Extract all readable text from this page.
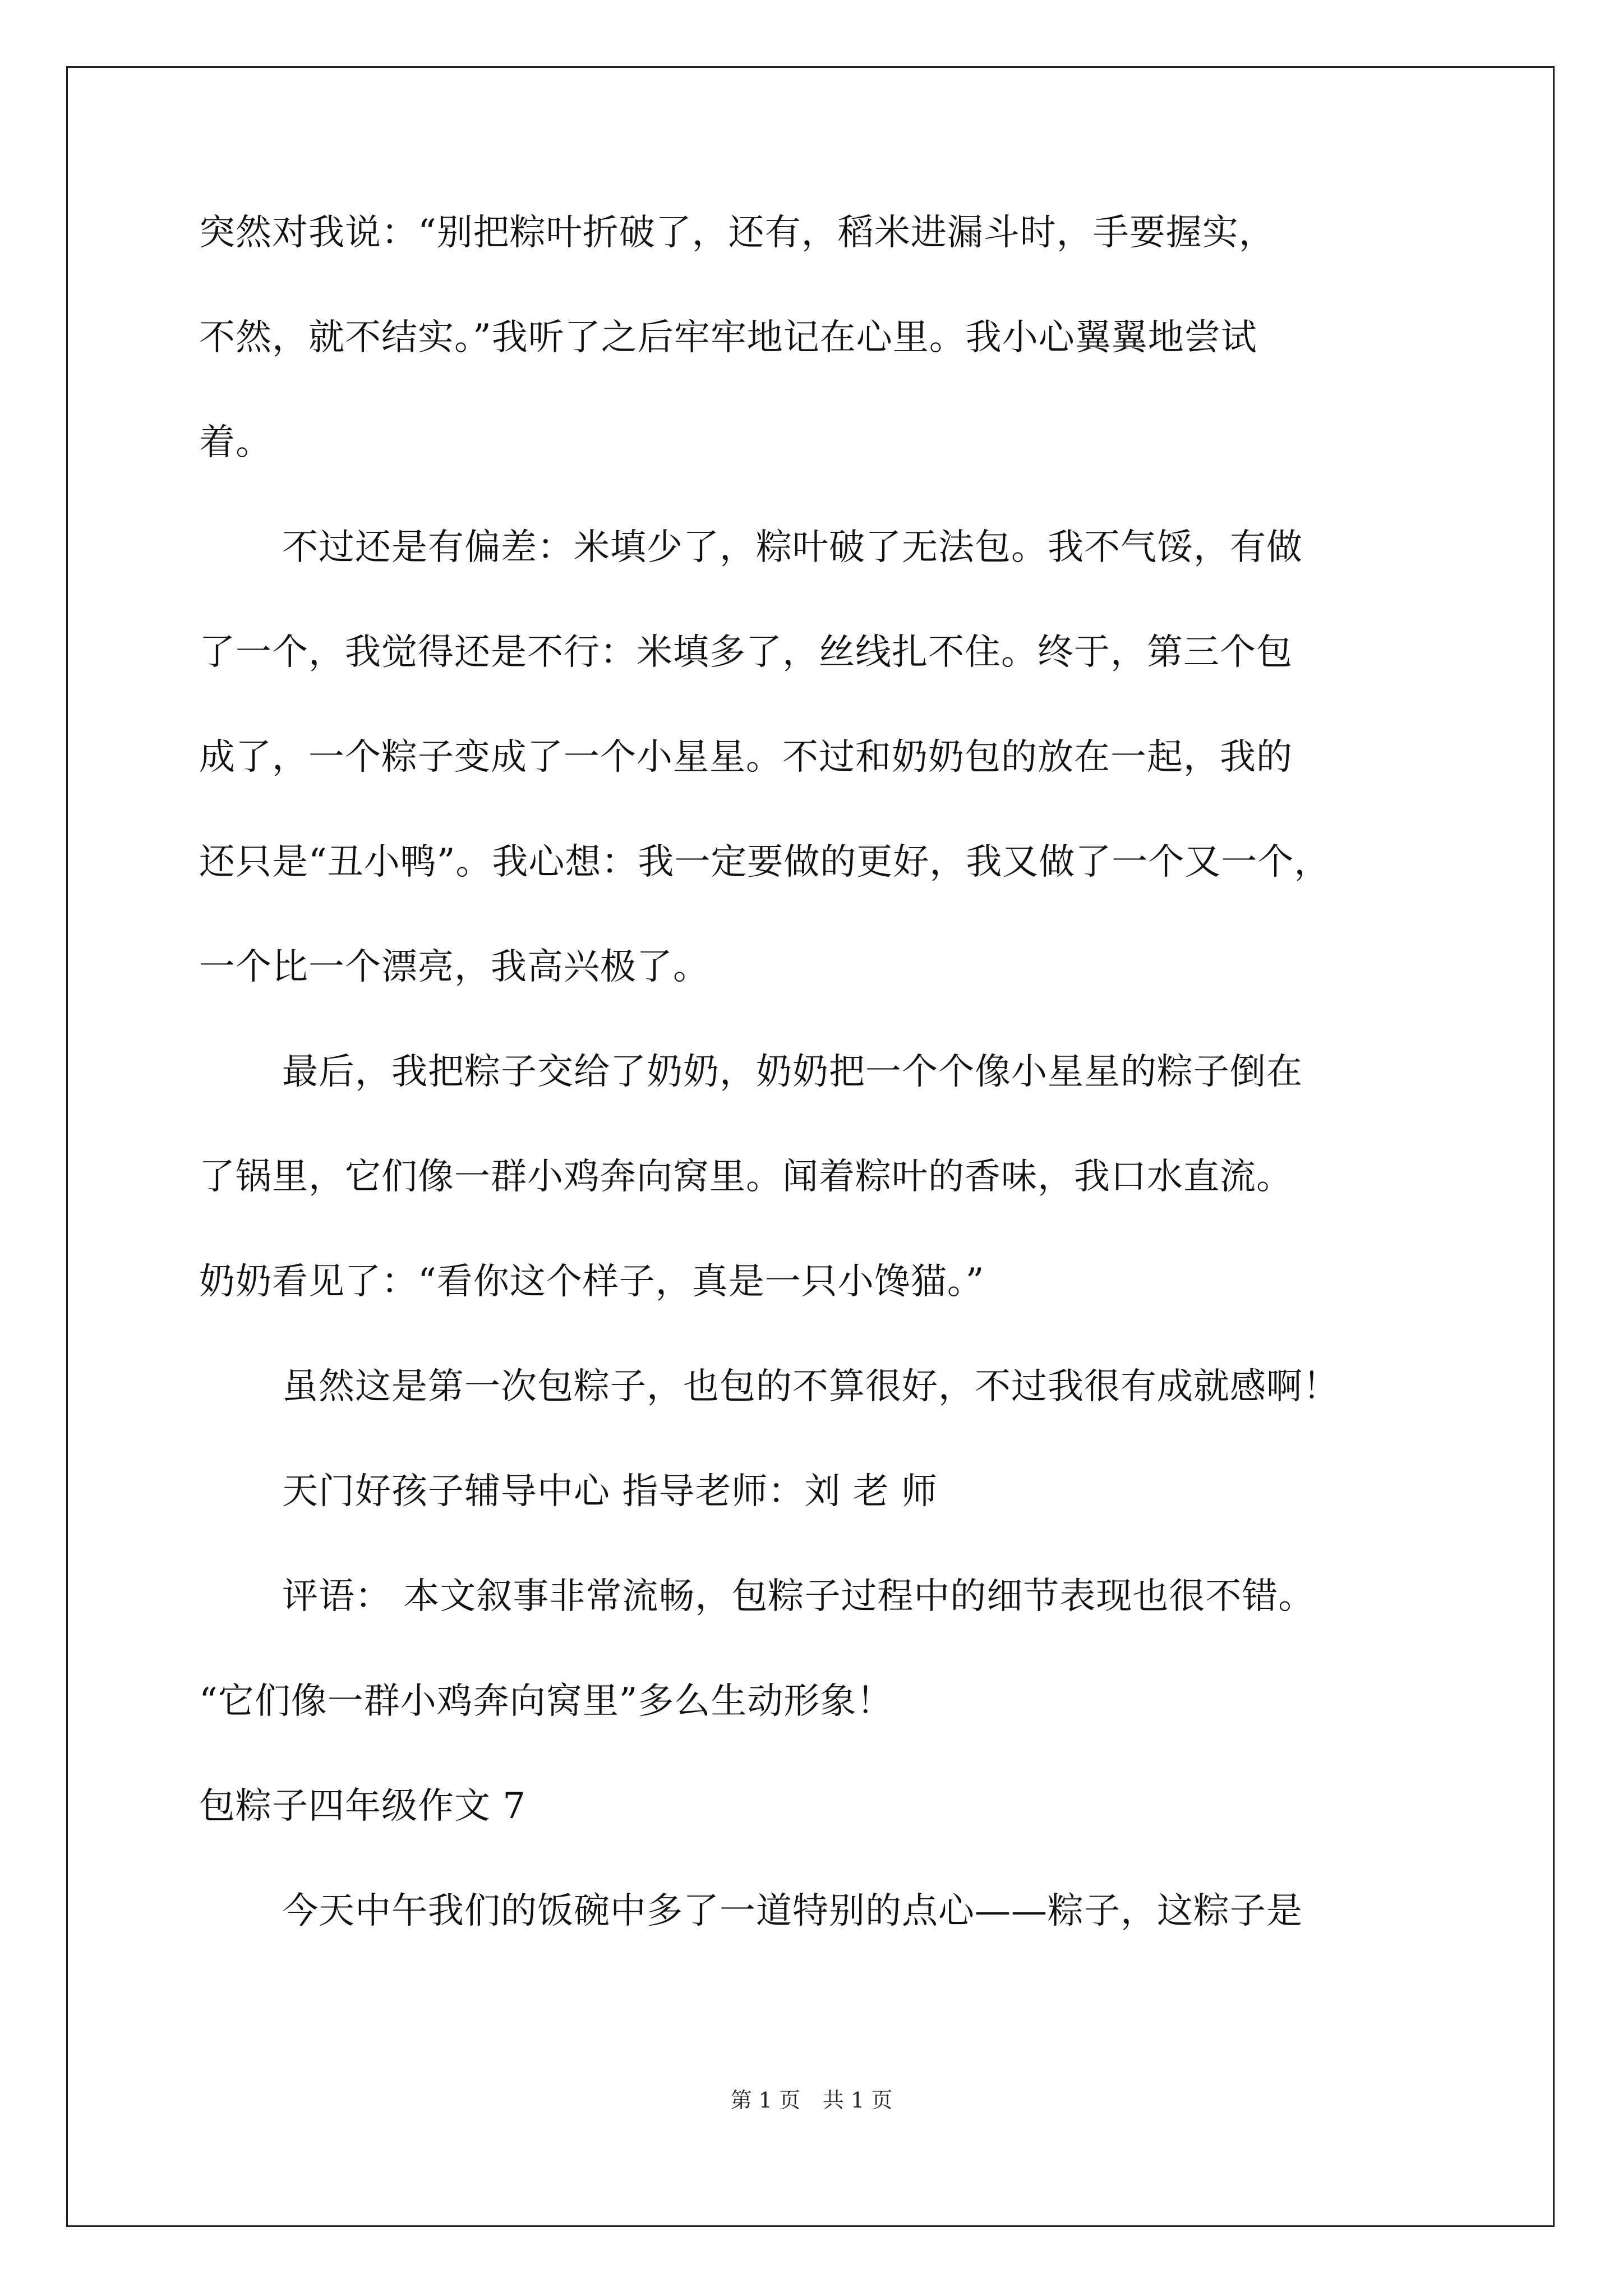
突然对我说：“别把粽叶折破了，还有，稻米进漏斗时，手要握实，
不然，就不结实。”我听了之后牢牢地记在心里。我小心翼翼地尝试
着。
不过还是有偏差：米填少了，粽叶破了无法包。我不气馁，有做
了一个，我觉得还是不行：米填多了，丝线扎不住。终于，第三个包
成了，一个粽子变成了一个小星星。不过和奶奶包的放在一起，我的
还只是“丑小鸭”。我心想：我一定要做的更好，我又做了一个又一个，
一个比一个漂亮，我高兴极了。
最后，我把粽子交给了奶奶，奶奶把一个个像小星星的粽子倒在
了锅里，它们像一群小鸡奔向窝里。闻着粽叶的香味，我口水直流。
奶奶看见了：“看你这个样子，真是一只小馋猫。”
虽然这是第一次包粽子，也包的不算很好，不过我很有成就感啊！
天门好孩子辅导中心 指导老师：刘 老 师
评语： 本文叙事非常流畅，包粽子过程中的细节表现也很不错。
“它们像一群小鸡奔向窝里”多么生动形象！
包粽子四年级作文 7
今天中午我们的饭碗中多了一道特别的点心——粽子，这粽子是
第 1 页 共 1 页
